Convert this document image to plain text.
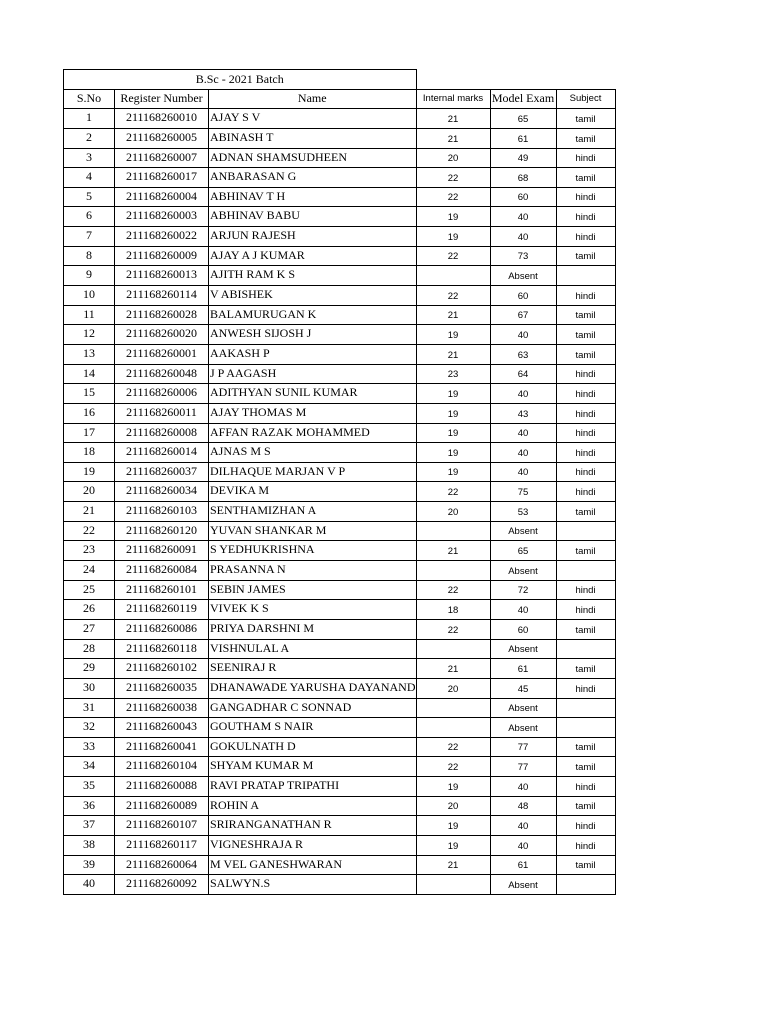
B.Sc - 2021 Batch					
S.No	Register Number	Name	Internal marks	Model Exam	Subject
1	211168260010	AJAY S V	21	65	tamil
2	211168260005	ABINASH T	21	61	tamil
3	211168260007	ADNAN SHAMSUDHEEN	20	49	hindi
4	211168260017	ANBARASAN G	22	68	tamil
5	211168260004	ABHINAV T H	22	60	hindi
6	211168260003	ABHINAV BABU	19	40	hindi
7	211168260022	ARJUN RAJESH	19	40	hindi
8	211168260009	AJAY A J KUMAR	22	73	tamil
9	211168260013	AJITH RAM K S		Absent	
10	211168260114	V ABISHEK	22	60	hindi
11	211168260028	BALAMURUGAN K	21	67	tamil
12	211168260020	ANWESH SIJOSH J	19	40	tamil
13	211168260001	AAKASH P	21	63	tamil
14	211168260048	J P AAGASH	23	64	hindi
15	211168260006	ADITHYAN SUNIL KUMAR	19	40	hindi
16	211168260011	AJAY THOMAS M	19	43	hindi
17	211168260008	AFFAN RAZAK MOHAMMED	19	40	hindi
18	211168260014	AJNAS M S	19	40	hindi
19	211168260037	DILHAQUE MARJAN V P	19	40	hindi
20	211168260034	DEVIKA M	22	75	hindi
21	211168260103	SENTHAMIZHAN A	20	53	tamil
22	211168260120	YUVAN SHANKAR M		Absent	
23	211168260091	S YEDHUKRISHNA	21	65	tamil
24	211168260084	PRASANNA N		Absent	
25	211168260101	SEBIN JAMES	22	72	hindi
26	211168260119	VIVEK K S	18	40	hindi
27	211168260086	PRIYA DARSHNI M	22	60	tamil
28	211168260118	VISHNULAL A		Absent	
29	211168260102	SEENIRAJ R	21	61	tamil
30	211168260035	DHANAWADE YARUSHA DAYANAND	20	45	hindi
31	211168260038	GANGADHAR C SONNAD		Absent	
32	211168260043	GOUTHAM S NAIR		Absent	
33	211168260041	GOKULNATH D	22	77	tamil
34	211168260104	SHYAM KUMAR M	22	77	tamil
35	211168260088	RAVI PRATAP TRIPATHI	19	40	hindi
36	211168260089	ROHIN A	20	48	tamil
37	211168260107	SRIRANGANATHAN R	19	40	hindi
38	211168260117	VIGNESHRAJA R	19	40	hindi
39	211168260064	M VEL GANESHWARAN	21	61	tamil
40	211168260092	SALWYN.S		Absent	
